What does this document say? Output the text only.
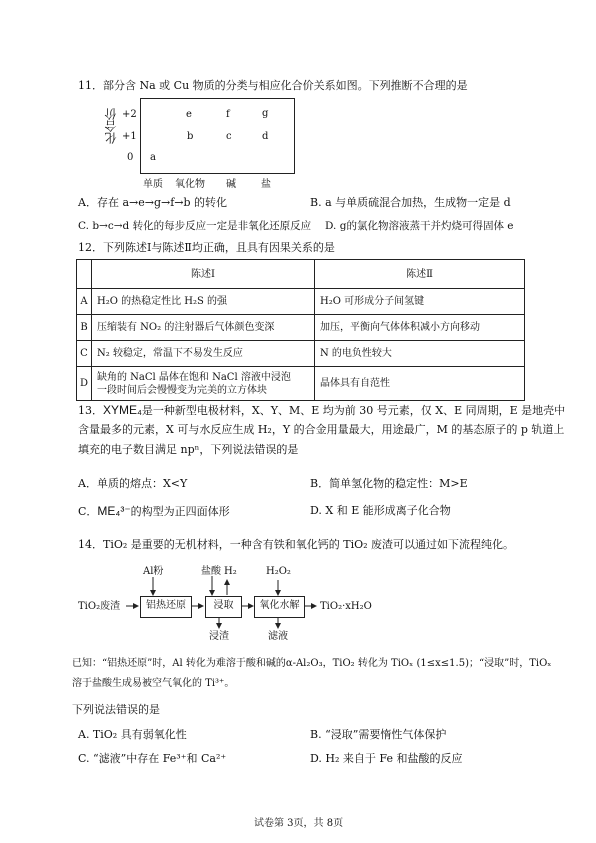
11．部分含 Na 或 Cu 物质的分类与相应化合价关系如图。下列推断不合理的是
化合价 +2
+1
0
e	f	g
b	c	d
a
单质 氧化物 碱	盐
A．存在 a→e→g→f→b 的转化	B. a 与单质硫混合加热，生成物一定是 d
C. b→c→d 转化的每步反应一定是非氧化还原反应 D. g的氯化物溶液蒸干并灼烧可得固体 e
12．下列陈述Ⅰ与陈述Ⅱ均正确，且具有因果关系的是
	陈述Ⅰ	陈述Ⅱ
A	H₂O 的热稳定性比 H₂S 的强	H₂O 可形成分子间氢键
B	压缩装有 NO₂ 的注射器后气体颜色变深	加压，平衡向气体体积减小方向移动
C	N₂ 较稳定，常温下不易发生反应	N 的电负性较大
D	缺角的 NaCl 晶体在饱和 NaCl 溶液中浸泡
一段时间后会慢慢变为完美的立方体块	晶体具有自范性
13．XYME₄是一种新型电极材料，X、Y、M、E 均为前 30 号元素，仅 X、E 同周期，E 是地壳中
含量最多的元素，X 可与水反应生成 H₂，Y 的合金用量最大，用途最广，M 的基态原子的 p 轨道上
填充的电子数目满足 npⁿ，下列说法错误的是
A．单质的熔点：X<Y	B．简单氢化物的稳定性：M>E
C．ME₄³⁻的构型为正四面体形	D. X 和 E 能形成离子化合物
14．TiO₂ 是重要的无机材料，一种含有铁和氧化钙的 TiO₂ 废渣可以通过如下流程纯化。
TiO₂废渣	铝热还原
Al粉
浸取
盐酸 H₂
浸渣
氧化水解
H₂O₂
滤液
TiO₂·xH₂O
已知：“铝热还原”时，Al 转化为难溶于酸和碱的α-Al₂O₃，TiO₂ 转化为 TiOₓ (1≤x≤1.5)；“浸取”时，TiOₓ
溶于盐酸生成易被空气氧化的 Ti³⁺。
下列说法错误的是
A. TiO₂ 具有弱氧化性	B. “浸取”需要惰性气体保护
C. “滤液”中存在 Fe³⁺和 Ca²⁺	D. H₂ 来自于 Fe 和盐酸的反应
试卷第 3页，共 8页
